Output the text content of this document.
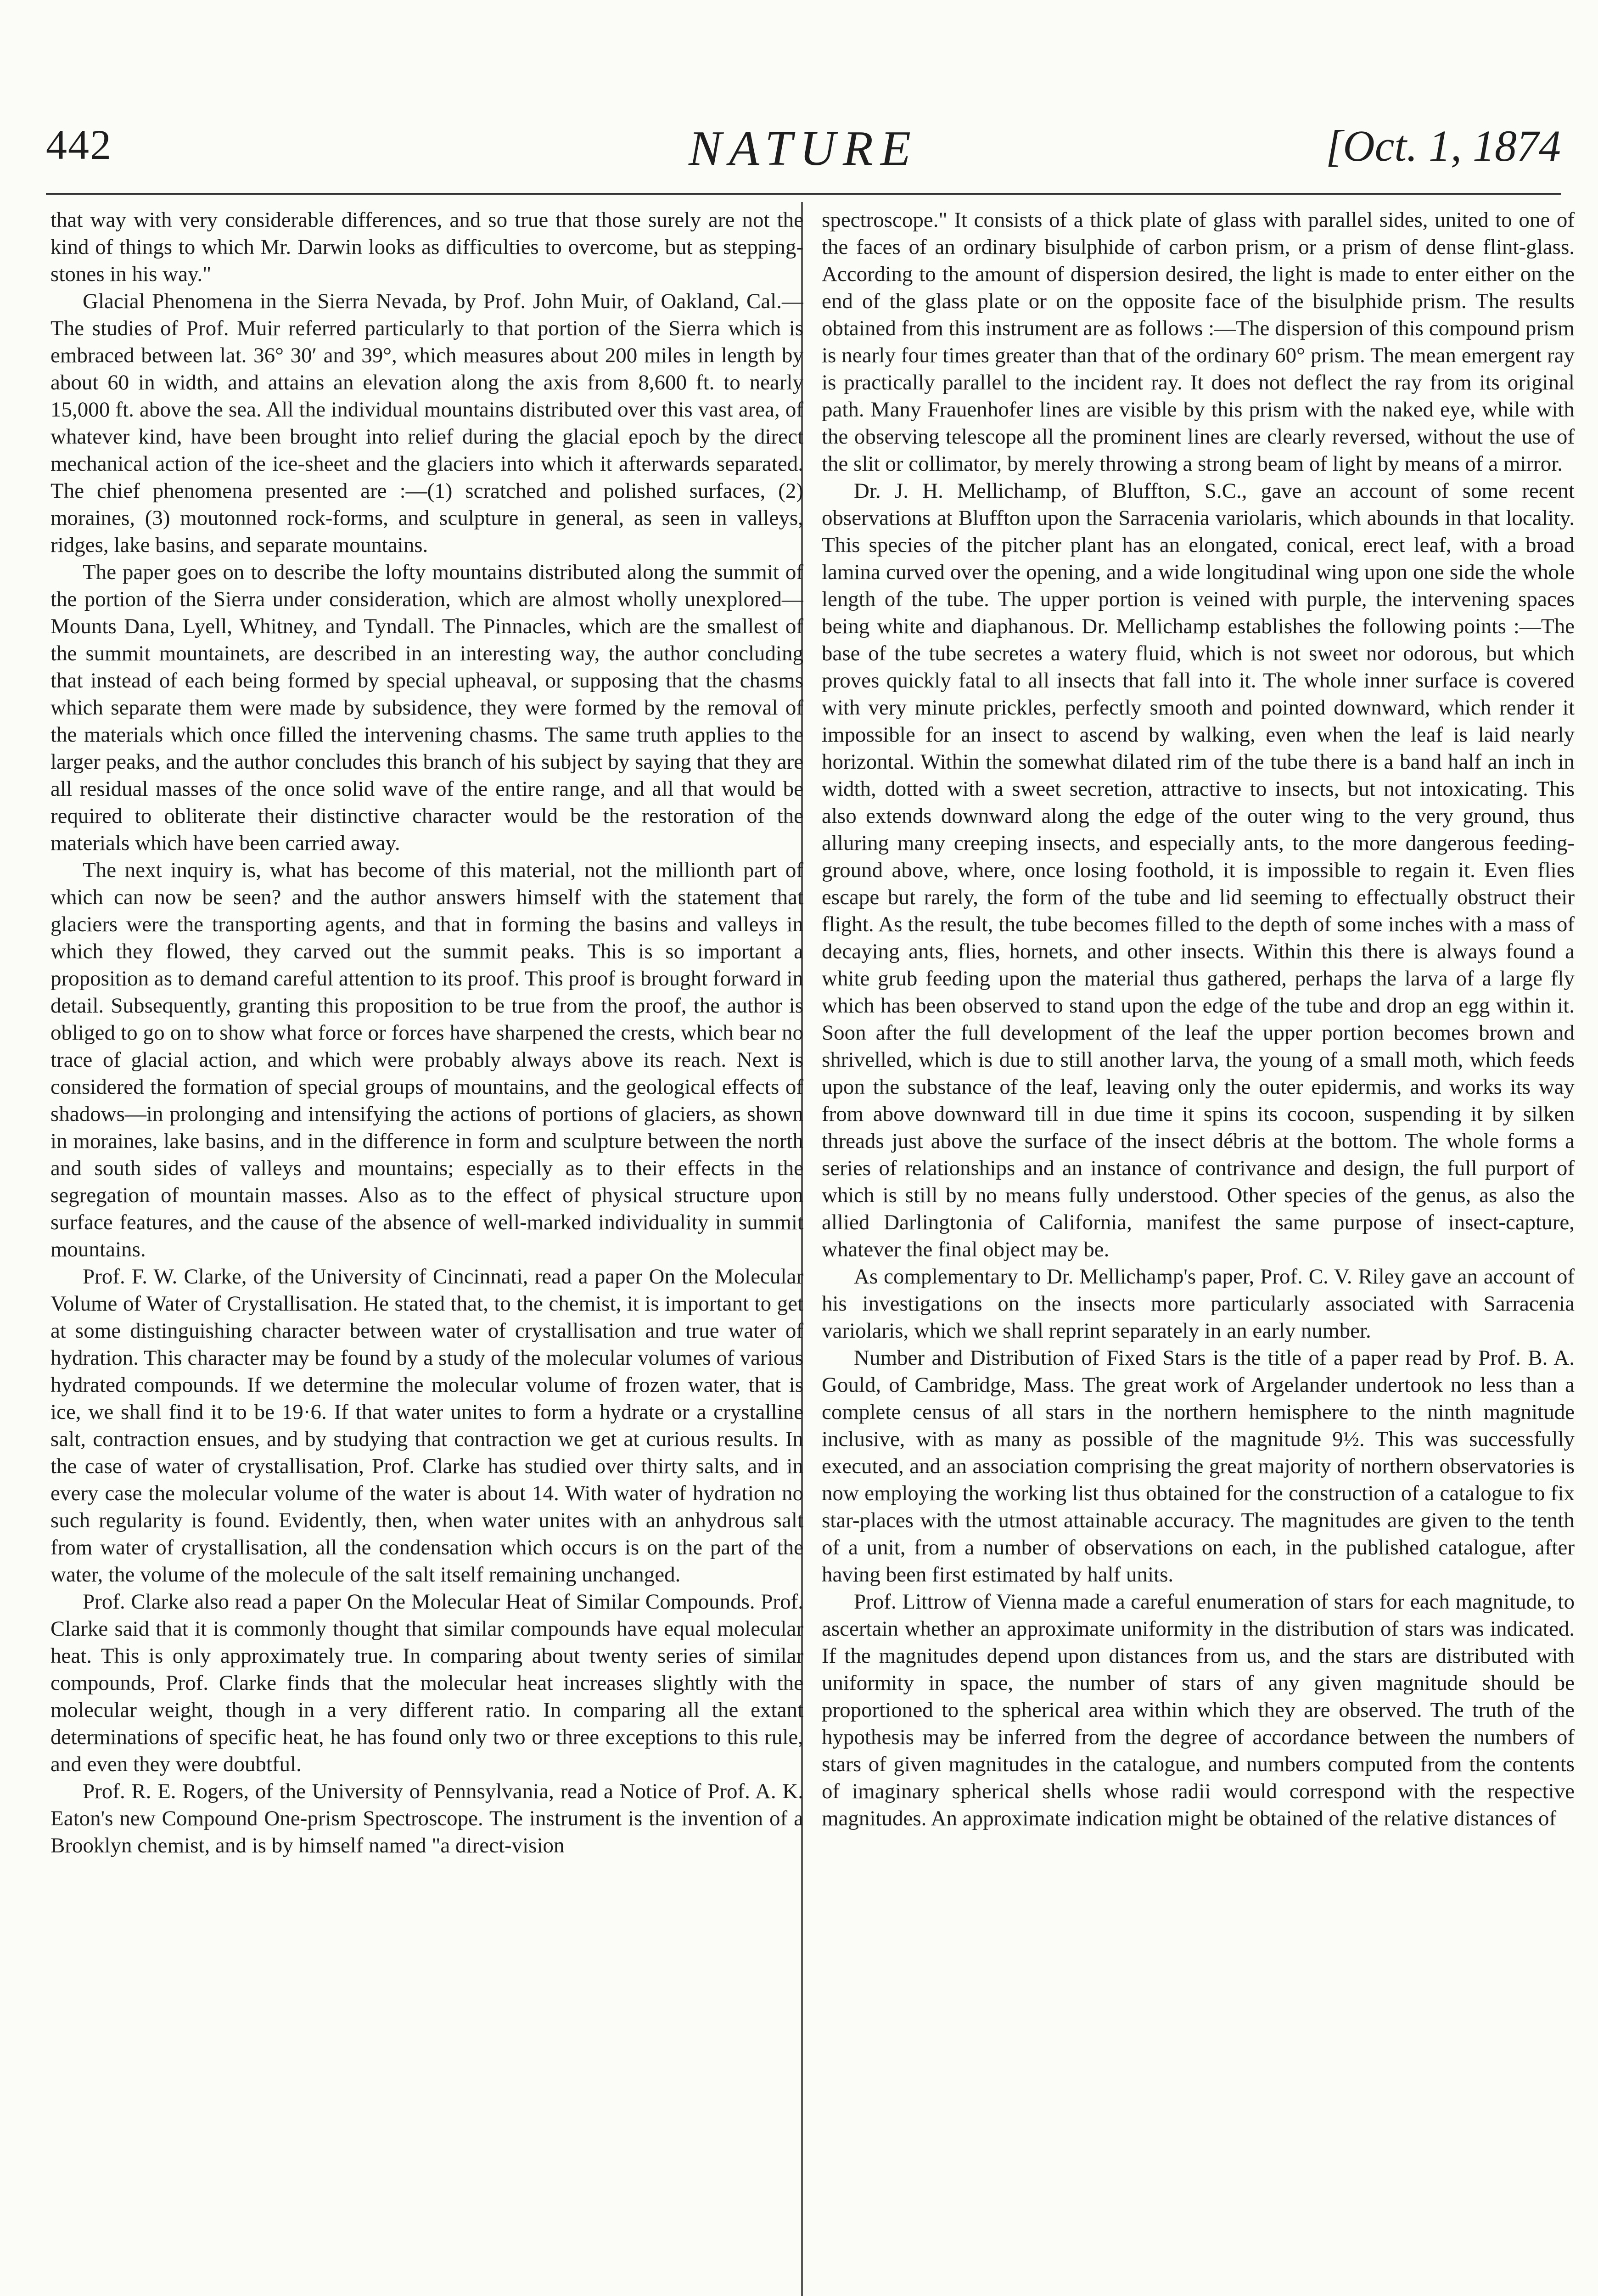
442	NATURE	[Oct. 1, 1874

that way with very considerable differences, and so true that those surely are not the kind of things to which Mr. Darwin looks as difficulties to overcome, but as stepping-stones in his way."

Glacial Phenomena in the Sierra Nevada, by Prof. John Muir, of Oakland, Cal.—The studies of Prof. Muir referred particularly to that portion of the Sierra which is embraced between lat. 36° 30′ and 39°, which measures about 200 miles in length by about 60 in width, and attains an elevation along the axis from 8,600 ft. to nearly 15,000 ft. above the sea. All the individual mountains distributed over this vast area, of whatever kind, have been brought into relief during the glacial epoch by the direct mechanical action of the ice-sheet and the glaciers into which it afterwards separated. The chief phenomena presented are :—(1) scratched and polished surfaces, (2) moraines, (3) moutonned rock-forms, and sculpture in general, as seen in valleys, ridges, lake basins, and separate mountains.

The paper goes on to describe the lofty mountains distributed along the summit of the portion of the Sierra under consideration, which are almost wholly unexplored—Mounts Dana, Lyell, Whitney, and Tyndall. The Pinnacles, which are the smallest of the summit mountainets, are described in an interesting way, the author concluding that instead of each being formed by special upheaval, or supposing that the chasms which separate them were made by subsidence, they were formed by the removal of the materials which once filled the intervening chasms. The same truth applies to the larger peaks, and the author concludes this branch of his subject by saying that they are all residual masses of the once solid wave of the entire range, and all that would be required to obliterate their distinctive character would be the restoration of the materials which have been carried away.

The next inquiry is, what has become of this material, not the millionth part of which can now be seen? and the author answers himself with the statement that glaciers were the transporting agents, and that in forming the basins and valleys in which they flowed, they carved out the summit peaks. This is so important a proposition as to demand careful attention to its proof. This proof is brought forward in detail. Subsequently, granting this proposition to be true from the proof, the author is obliged to go on to show what force or forces have sharpened the crests, which bear no trace of glacial action, and which were probably always above its reach. Next is considered the formation of special groups of mountains, and the geological effects of shadows—in prolonging and intensifying the actions of portions of glaciers, as shown in moraines, lake basins, and in the difference in form and sculpture between the north and south sides of valleys and mountains; especially as to their effects in the segregation of mountain masses. Also as to the effect of physical structure upon surface features, and the cause of the absence of well-marked individuality in summit mountains.

Prof. F. W. Clarke, of the University of Cincinnati, read a paper On the Molecular Volume of Water of Crystallisation. He stated that, to the chemist, it is important to get at some distinguishing character between water of crystallisation and true water of hydration. This character may be found by a study of the molecular volumes of various hydrated compounds. If we determine the molecular volume of frozen water, that is ice, we shall find it to be 19·6. If that water unites to form a hydrate or a crystalline salt, contraction ensues, and by studying that contraction we get at curious results. In the case of water of crystallisation, Prof. Clarke has studied over thirty salts, and in every case the molecular volume of the water is about 14. With water of hydration no such regularity is found. Evidently, then, when water unites with an anhydrous salt from water of crystallisation, all the condensation which occurs is on the part of the water, the volume of the molecule of the salt itself remaining unchanged.

Prof. Clarke also read a paper On the Molecular Heat of Similar Compounds. Prof. Clarke said that it is commonly thought that similar compounds have equal molecular heat. This is only approximately true. In comparing about twenty series of similar compounds, Prof. Clarke finds that the molecular heat increases slightly with the molecular weight, though in a very different ratio. In comparing all the extant determinations of specific heat, he has found only two or three exceptions to this rule, and even they were doubtful.

Prof. R. E. Rogers, of the University of Pennsylvania, read a Notice of Prof. A. K. Eaton's new Compound One-prism Spectroscope. The instrument is the invention of a Brooklyn chemist, and is by himself named "a direct-vision

spectroscope." It consists of a thick plate of glass with parallel sides, united to one of the faces of an ordinary bisulphide of carbon prism, or a prism of dense flint-glass. According to the amount of dispersion desired, the light is made to enter either on the end of the glass plate or on the opposite face of the bisulphide prism. The results obtained from this instrument are as follows :—The dispersion of this compound prism is nearly four times greater than that of the ordinary 60° prism. The mean emergent ray is practically parallel to the incident ray. It does not deflect the ray from its original path. Many Frauenhofer lines are visible by this prism with the naked eye, while with the observing telescope all the prominent lines are clearly reversed, without the use of the slit or collimator, by merely throwing a strong beam of light by means of a mirror.

Dr. J. H. Mellichamp, of Bluffton, S.C., gave an account of some recent observations at Bluffton upon the Sarracenia variolaris, which abounds in that locality. This species of the pitcher plant has an elongated, conical, erect leaf, with a broad lamina curved over the opening, and a wide longitudinal wing upon one side the whole length of the tube. The upper portion is veined with purple, the intervening spaces being white and diaphanous. Dr. Mellichamp establishes the following points :—The base of the tube secretes a watery fluid, which is not sweet nor odorous, but which proves quickly fatal to all insects that fall into it. The whole inner surface is covered with very minute prickles, perfectly smooth and pointed downward, which render it impossible for an insect to ascend by walking, even when the leaf is laid nearly horizontal. Within the somewhat dilated rim of the tube there is a band half an inch in width, dotted with a sweet secretion, attractive to insects, but not intoxicating. This also extends downward along the edge of the outer wing to the very ground, thus alluring many creeping insects, and especially ants, to the more dangerous feeding-ground above, where, once losing foothold, it is impossible to regain it. Even flies escape but rarely, the form of the tube and lid seeming to effectually obstruct their flight. As the result, the tube becomes filled to the depth of some inches with a mass of decaying ants, flies, hornets, and other insects. Within this there is always found a white grub feeding upon the material thus gathered, perhaps the larva of a large fly which has been observed to stand upon the edge of the tube and drop an egg within it. Soon after the full development of the leaf the upper portion becomes brown and shrivelled, which is due to still another larva, the young of a small moth, which feeds upon the substance of the leaf, leaving only the outer epidermis, and works its way from above downward till in due time it spins its cocoon, suspending it by silken threads just above the surface of the insect débris at the bottom. The whole forms a series of relationships and an instance of contrivance and design, the full purport of which is still by no means fully understood. Other species of the genus, as also the allied Darlingtonia of California, manifest the same purpose of insect-capture, whatever the final object may be.

As complementary to Dr. Mellichamp's paper, Prof. C. V. Riley gave an account of his investigations on the insects more particularly associated with Sarracenia variolaris, which we shall reprint separately in an early number.

Number and Distribution of Fixed Stars is the title of a paper read by Prof. B. A. Gould, of Cambridge, Mass. The great work of Argelander undertook no less than a complete census of all stars in the northern hemisphere to the ninth magnitude inclusive, with as many as possible of the magnitude 9½. This was successfully executed, and an association comprising the great majority of northern observatories is now employing the working list thus obtained for the construction of a catalogue to fix star-places with the utmost attainable accuracy. The magnitudes are given to the tenth of a unit, from a number of observations on each, in the published catalogue, after having been first estimated by half units.

Prof. Littrow of Vienna made a careful enumeration of stars for each magnitude, to ascertain whether an approximate uniformity in the distribution of stars was indicated. If the magnitudes depend upon distances from us, and the stars are distributed with uniformity in space, the number of stars of any given magnitude should be proportioned to the spherical area within which they are observed. The truth of the hypothesis may be inferred from the degree of accordance between the numbers of stars of given magnitudes in the catalogue, and numbers computed from the contents of imaginary spherical shells whose radii would correspond with the respective magnitudes. An approximate indication might be obtained of the relative distances of
